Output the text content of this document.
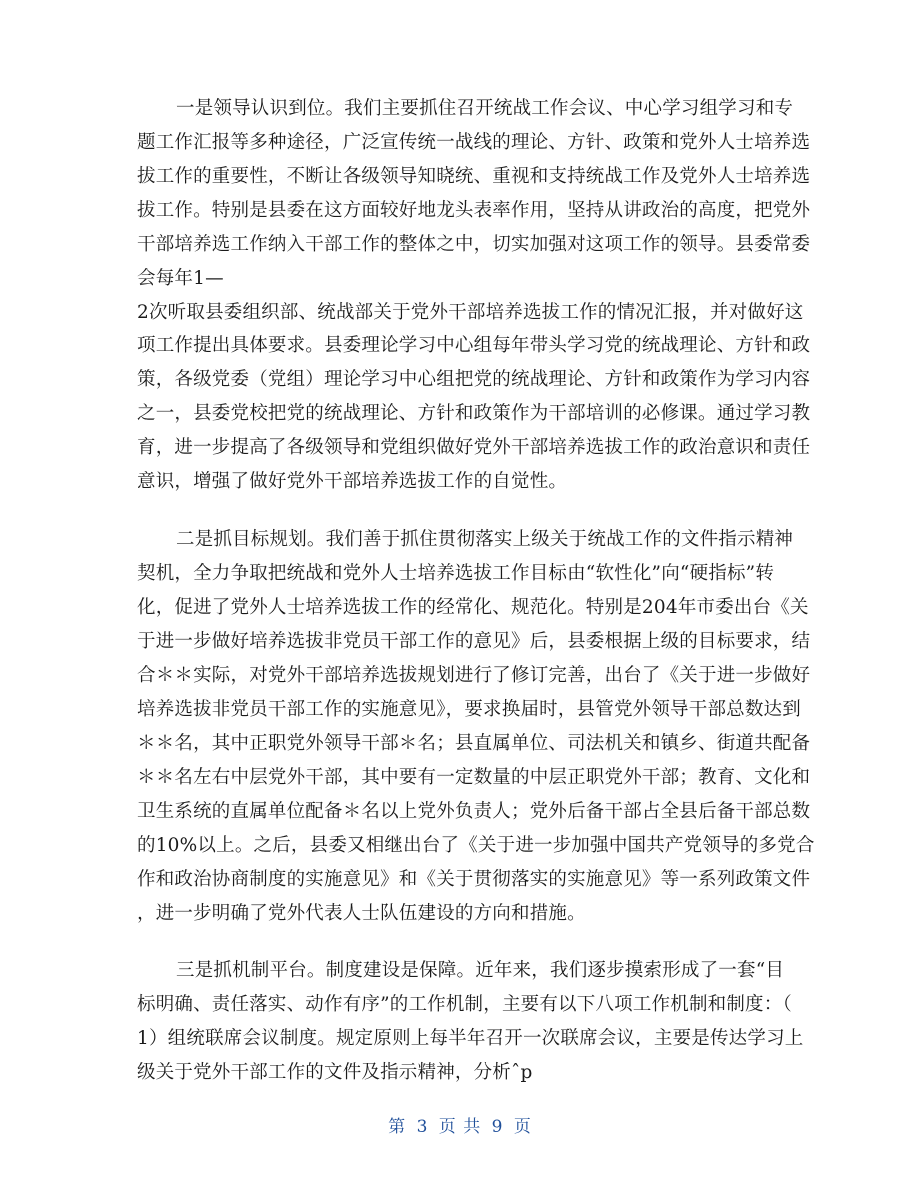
一是领导认识到位。我们主要抓住召开统战工作会议、中心学习组学习和专
题工作汇报等多种途径，广泛宣传统一战线的理论、方针、政策和党外人士培养选
拔工作的重要性，不断让各级领导知晓统、重视和支持统战工作及党外人士培养选
拔工作。特别是县委在这方面较好地龙头表率作用，坚持从讲政治的高度，把党外
干部培养选工作纳入干部工作的整体之中，切实加强对这项工作的领导。县委常委
会每年1—
2次听取县委组织部、统战部关于党外干部培养选拔工作的情况汇报，并对做好这
项工作提出具体要求。县委理论学习中心组每年带头学习党的统战理论、方针和政
策，各级党委（党组）理论学习中心组把党的统战理论、方针和政策作为学习内容
之一，县委党校把党的统战理论、方针和政策作为干部培训的必修课。通过学习教
育，进一步提高了各级领导和党组织做好党外干部培养选拔工作的政治意识和责任
意识，增强了做好党外干部培养选拔工作的自觉性。
二是抓目标规划。我们善于抓住贯彻落实上级关于统战工作的文件指示精神
契机，全力争取把统战和党外人士培养选拔工作目标由“软性化”向“硬指标”转
化，促进了党外人士培养选拔工作的经常化、规范化。特别是204年市委出台《关
于进一步做好培养选拔非党员干部工作的意见》后，县委根据上级的目标要求，结
合＊＊实际，对党外干部培养选拔规划进行了修订完善，出台了《关于进一步做好
培养选拔非党员干部工作的实施意见》，要求换届时，县管党外领导干部总数达到
＊＊名，其中正职党外领导干部＊名；县直属单位、司法机关和镇乡、街道共配备
＊＊名左右中层党外干部，其中要有一定数量的中层正职党外干部；教育、文化和
卫生系统的直属单位配备＊名以上党外负责人；党外后备干部占全县后备干部总数
的10%以上。之后，县委又相继出台了《关于进一步加强中国共产党领导的多党合
作和政治协商制度的实施意见》和《关于贯彻落实的实施意见》等一系列政策文件
，进一步明确了党外代表人士队伍建设的方向和措施。
三是抓机制平台。制度建设是保障。近年来，我们逐步摸索形成了一套“目
标明确、责任落实、动作有序”的工作机制，主要有以下八项工作机制和制度：（
1）组统联席会议制度。规定原则上每半年召开一次联席会议，主要是传达学习上
级关于党外干部工作的文件及指示精神，分析ˆp
第 3 页 共 9 页
